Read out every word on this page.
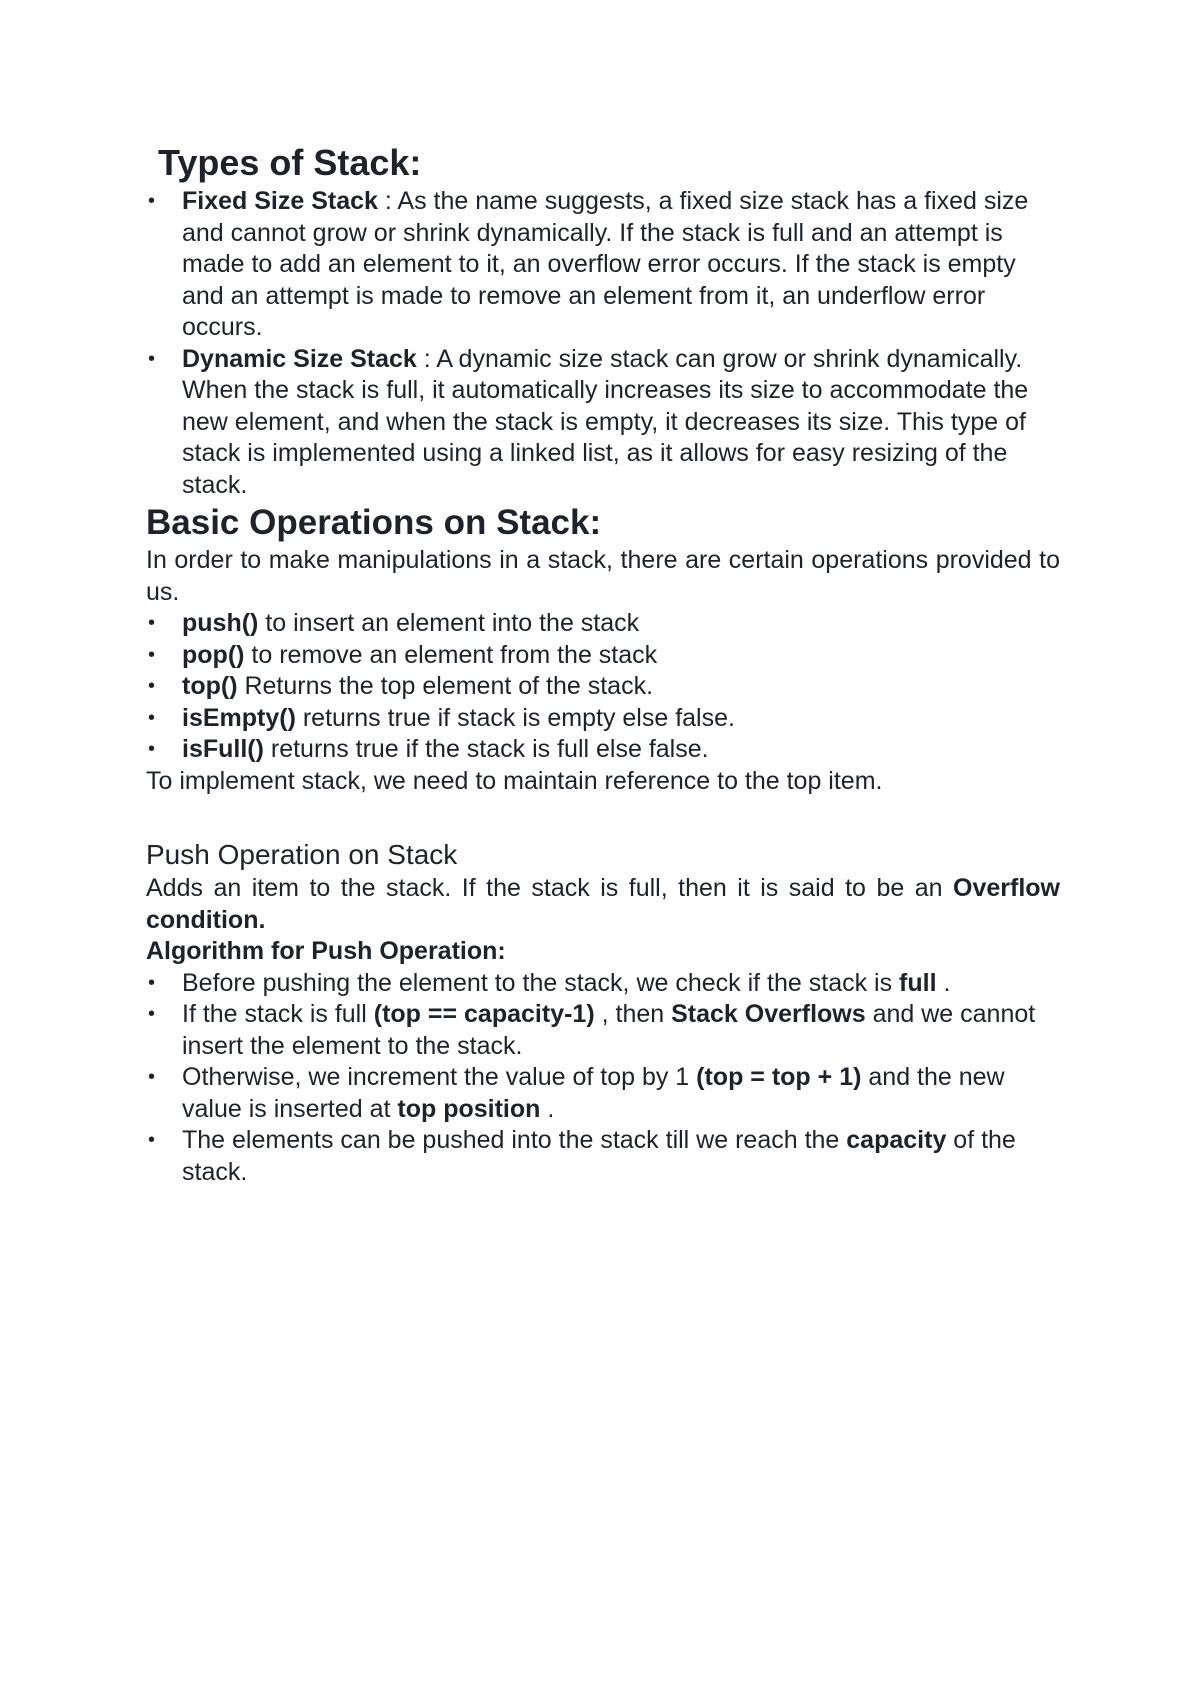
Types of Stack:
• Fixed Size Stack : As the name suggests, a fixed size stack has a fixed size and cannot grow or shrink dynamically. If the stack is full and an attempt is made to add an element to it, an overflow error occurs. If the stack is empty and an attempt is made to remove an element from it, an underflow error occurs.
• Dynamic Size Stack : A dynamic size stack can grow or shrink dynamically. When the stack is full, it automatically increases its size to accommodate the new element, and when the stack is empty, it decreases its size. This type of stack is implemented using a linked list, as it allows for easy resizing of the stack.
Basic Operations on Stack:

In order to make manipulations in a stack, there are certain operations provided to us.

• push() to insert an element into the stack
• pop() to remove an element from the stack
• top() Returns the top element of the stack.
• isEmpty() returns true if stack is empty else false.
• isFull() returns true if the stack is full else false.

To implement stack, we need to maintain reference to the top item.

Push Operation on Stack

Adds an item to the stack. If the stack is full, then it is said to be an Overflow condition.

Algorithm for Push Operation:

• Before pushing the element to the stack, we check if the stack is full .
• If the stack is full (top == capacity-1) , then Stack Overflows and we cannot insert the element to the stack.
• Otherwise, we increment the value of top by 1 (top = top + 1) and the new value is inserted at top position .
• The elements can be pushed into the stack till we reach the capacity of the stack.
